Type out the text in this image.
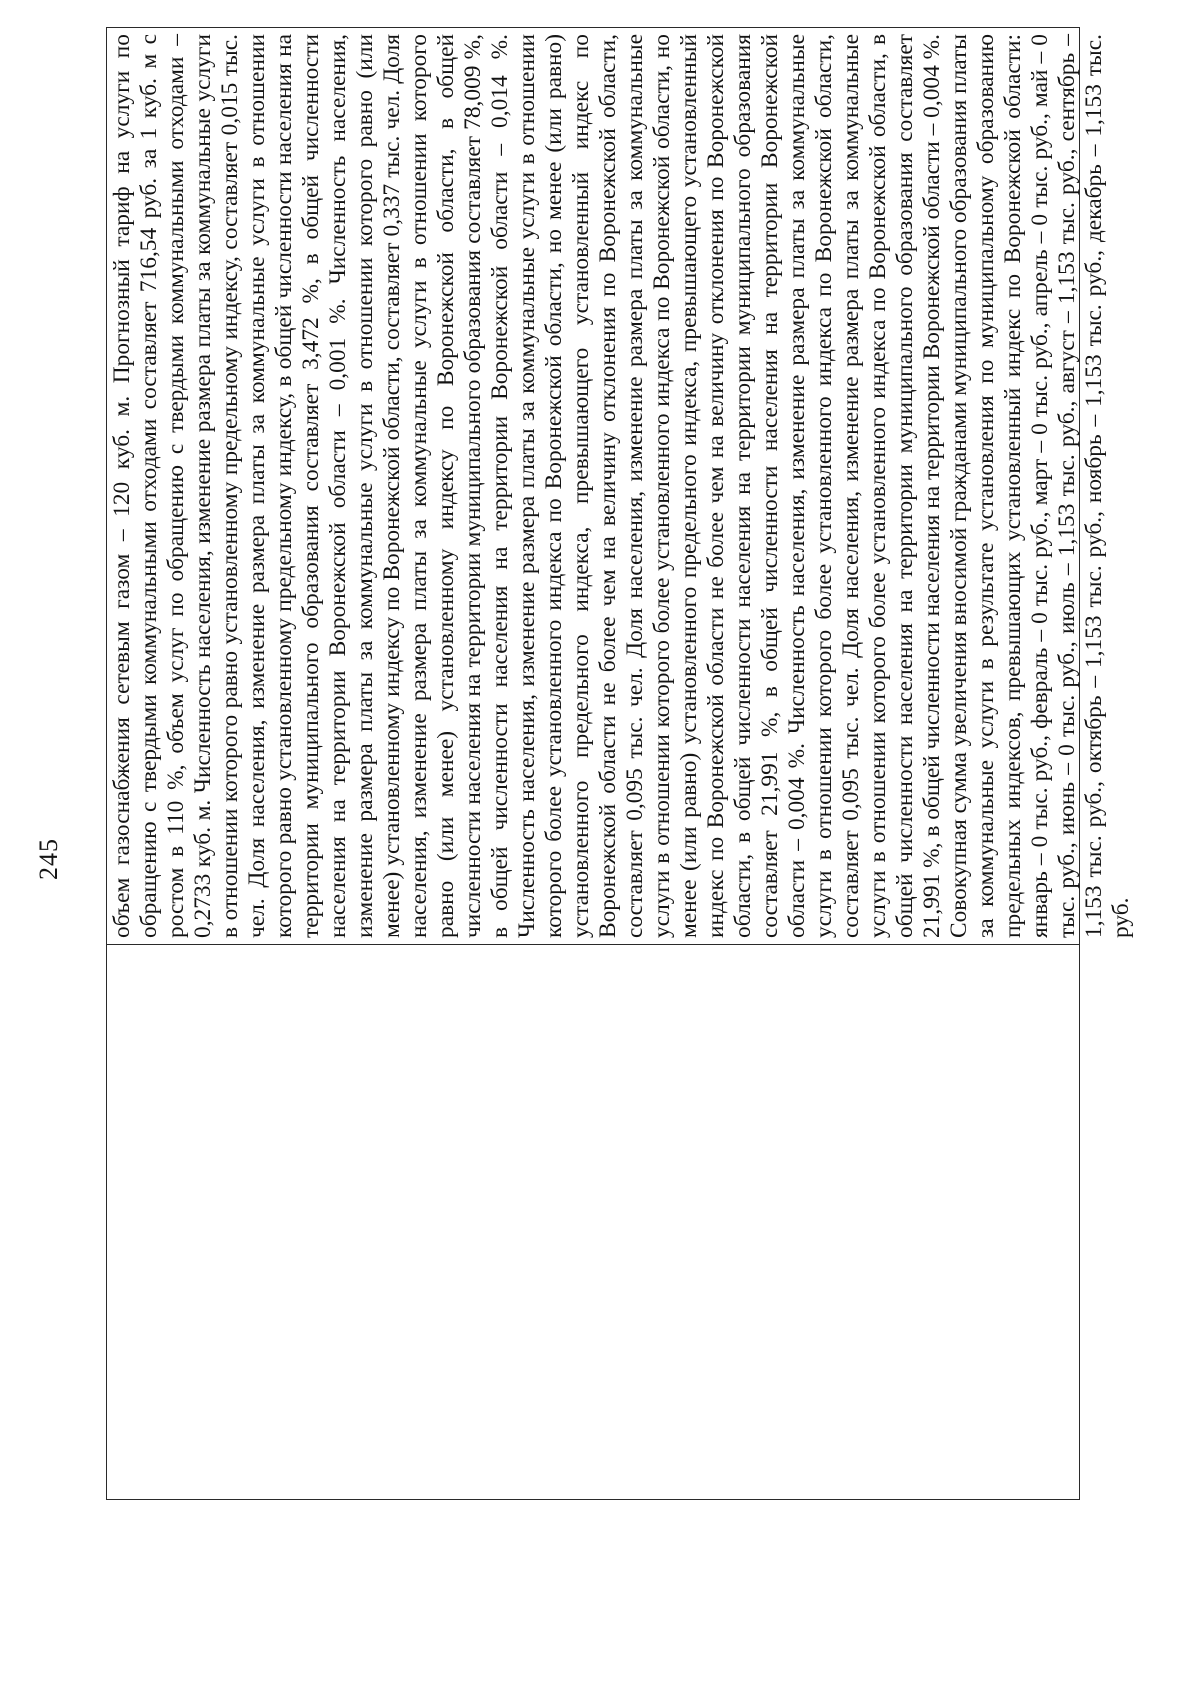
245 объем газоснабжения сетевым газом – 120 куб. м. Прогнозный тариф на услуги по обращению с твердыми коммунальными отходами составляет 716,54 руб. за 1 куб. м с ростом в 110 %, объем услуг по обращению с твердыми коммунальными отходами – 0,2733 куб. м. Численность населения, изменение размера платы за коммунальные услуги в отношении которого равно установленному предельному индексу, составляет 0,015 тыс. чел. Доля населения, изменение размера платы за коммунальные услуги в отношении которого равно установленному предельному индексу, в общей численности населения на территории муниципального образования составляет 3,472 %, в общей численности населения на территории Воронежской области – 0,001 %. Численность населения, изменение размера платы за коммунальные услуги в отношении которого равно (или менее) установленному индексу по Воронежской области, составляет 0,337 тыс. чел. Доля населения, изменение размера платы за коммунальные услуги в отношении которого равно (или менее) установленному индексу по Воронежской области, в общей численности населения на территории муниципального образования составляет 78,009 %, в общей численности населения на территории Воронежской области – 0,014 %. Численность населения, изменение размера платы за коммунальные услуги в отношении которого более установленного индекса по Воронежской области, но менее (или равно) установленного предельного индекса, превышающего установленный индекс по Воронежской области не более чем на величину отклонения по Воронежской области, составляет 0,095 тыс. чел. Доля населения, изменение размера платы за коммунальные услуги в отношении которого более установленного индекса по Воронежской области, но менее (или равно) установленного предельного индекса, превышающего установленный индекс по Воронежской области не более чем на величину отклонения по Воронежской области, в общей численности населения на территории муниципального образования составляет 21,991 %, в общей численности населения на территории Воронежской области – 0,004 %. Численность населения, изменение размера платы за коммунальные услуги в отношении которого более установленного индекса по Воронежской области, составляет 0,095 тыс. чел. Доля населения, изменение размера платы за коммунальные услуги в отношении которого более установленного индекса по Воронежской области, в общей численности населения на территории муниципального образования составляет 21,991 %, в общей численности населения на территории Воронежской области – 0,004 %. Совокупная сумма увеличения вносимой гражданами муниципального образования платы за коммунальные услуги в результате установления по муниципальному образованию предельных индексов, превышающих установленный индекс по Воронежской области: январь – 0 тыс. руб., февраль – 0 тыс. руб., март – 0 тыс. руб., апрель – 0 тыс. руб., май – 0 тыс. руб., июнь – 0 тыс. руб., июль – 1,153 тыс. руб., август – 1,153 тыс. руб., сентябрь – 1,153 тыс. руб., октябрь – 1,153 тыс. руб., ноябрь – 1,153 тыс. руб., декабрь – 1,153 тыс. руб.
